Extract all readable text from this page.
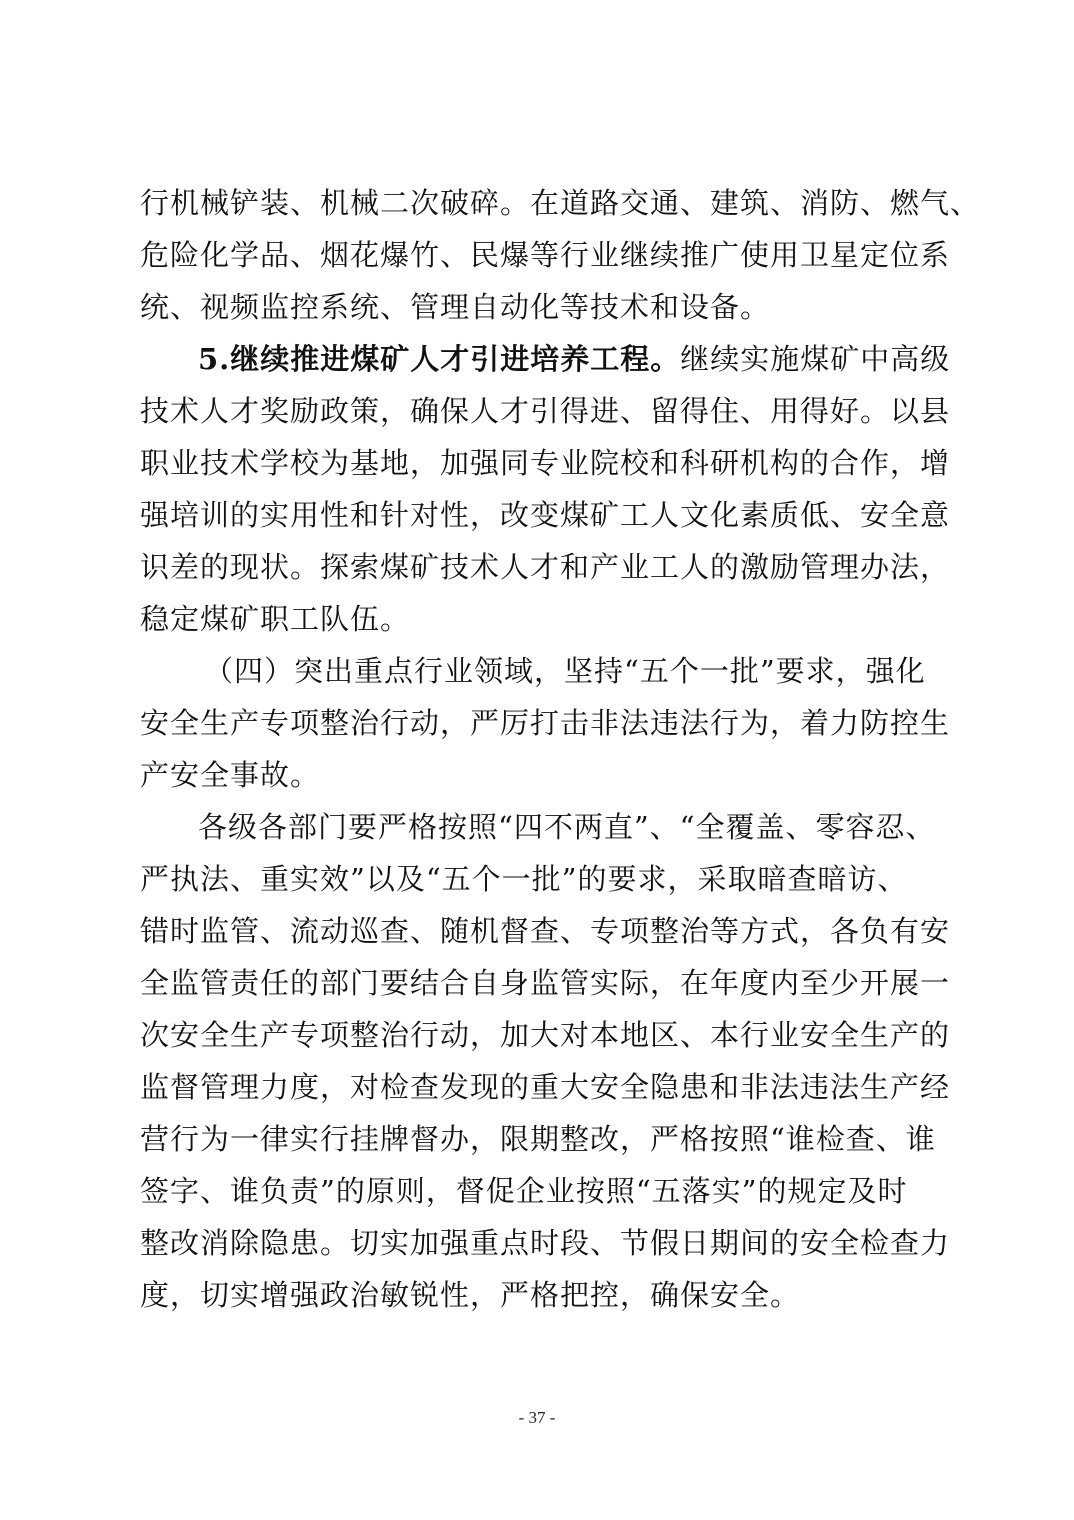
行机械铲装、机械二次破碎。在道路交通、建筑、消防、燃气、
危险化学品、烟花爆竹、民爆等行业继续推广使用卫星定位系
统、视频监控系统、管理自动化等技术和设备。
5.继续推进煤矿人才引进培养工程。继续实施煤矿中高级
技术人才奖励政策，确保人才引得进、留得住、用得好。以县
职业技术学校为基地，加强同专业院校和科研机构的合作，增
强培训的实用性和针对性，改变煤矿工人文化素质低、安全意
识差的现状。探索煤矿技术人才和产业工人的激励管理办法，
稳定煤矿职工队伍。
（四）突出重点行业领域，坚持“五个一批”要求，强化
安全生产专项整治行动，严厉打击非法违法行为，着力防控生
产安全事故。
各级各部门要严格按照“四不两直”、“全覆盖、零容忍、
严执法、重实效”以及“五个一批”的要求，采取暗查暗访、
错时监管、流动巡查、随机督查、专项整治等方式，各负有安
全监管责任的部门要结合自身监管实际，在年度内至少开展一
次安全生产专项整治行动，加大对本地区、本行业安全生产的
监督管理力度，对检查发现的重大安全隐患和非法违法生产经
营行为一律实行挂牌督办，限期整改，严格按照“谁检查、谁
签字、谁负责”的原则，督促企业按照“五落实”的规定及时
整改消除隐患。切实加强重点时段、节假日期间的安全检查力
度，切实增强政治敏锐性，严格把控，确保安全。
- 37 -
